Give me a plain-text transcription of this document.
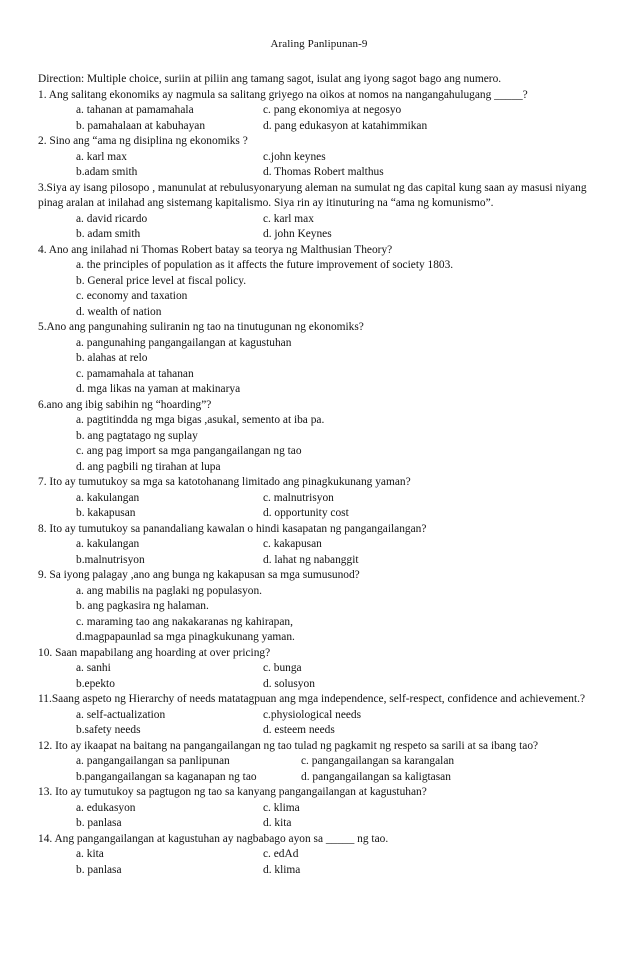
Araling Panlipunan-9
Direction: Multiple choice, suriin at piliin ang tamang sagot, isulat ang iyong sagot bago ang numero.
1. Ang salitang ekonomiks ay nagmula sa salitang griyego na oikos at nomos na nangangahulugang _____?
a. tahanan at pamamahala	c. pang ekonomiya at negosyo
b. pamahalaan at kabuhayan	d. pang edukasyon at katahimmikan
2. Sino ang “ama ng disiplina ng ekonomiks ?
a. karl max	c.john keynes
b.adam smith	d. Thomas Robert malthus
3.Siya ay isang pilosopo , manunulat at rebulusyonaryung aleman na sumulat ng das capital kung saan ay masusi niyang pinag aralan at inilahad ang sistemang kapitalismo. Siya rin ay itinuturing na “ama ng komunismo”.
a. david ricardo	c. karl max
b. adam smith	d. john Keynes
4. Ano ang inilahad ni Thomas Robert batay sa teorya ng Malthusian Theory?
a. the principles of population as it affects the future improvement of society 1803.
b. General price level at fiscal policy.
c. economy and taxation
d. wealth of nation
5.Ano ang pangunahing suliranin ng tao na tinutugunan ng ekonomiks?
a. pangunahing pangangailangan at kagustuhan
b. alahas at relo
c. pamamahala at tahanan
d. mga likas na yaman at makinarya
6.ano ang ibig sabihin ng “hoarding”?
a. pagtitindda ng mga bigas ,asukal, semento at iba pa.
b. ang pagtatago ng suplay
c. ang pag import sa mga pangangailangan ng tao
d. ang pagbili ng tirahan at lupa
7. Ito ay tumutukoy sa mga sa katotohanang limitado ang pinagkukunang yaman?
a. kakulangan	c. malnutrisyon
b. kakapusan	d. opportunity cost
8. Ito ay tumutukoy sa panandaliang kawalan o hindi kasapatan ng pangangailangan?
a. kakulangan	c. kakapusan
b.malnutrisyon	d. lahat ng nabanggit
9. Sa iyong palagay ,ano ang bunga ng kakapusan sa mga sumusunod?
a. ang mabilis na paglaki ng populasyon.
b. ang pagkasira ng halaman.
c. maraming tao ang nakakaranas ng kahirapan,
d.magpapaunlad sa mga pinagkukunang yaman.
10. Saan mapabilang ang hoarding at over pricing?
a. sanhi	c. bunga
b.epekto	d. solusyon
11.Saang aspeto ng Hierarchy of needs matatagpuan ang mga independence, self-respect, confidence and achievement.?
a. self-actualization	c.physiological needs
b.safety needs	d. esteem needs
12. Ito ay ikaapat na baitang na pangangailangan ng tao tulad ng pagkamit ng respeto sa sarili at sa ibang tao?
a. pangangailangan sa panlipunan	c. pangangailangan sa karangalan
b.pangangailangan sa kaganapan ng tao	d. pangangailangan sa kaligtasan
13. Ito ay tumutukoy sa pagtugon ng tao sa kanyang pangangailangan at kagustuhan?
a. edukasyon	c. klima
b. panlasa	d. kita
14. Ang pangangailangan at kagustuhan ay nagbabago ayon sa _____ ng tao.
a. kita	c. edAd
b. panlasa	d. klima
